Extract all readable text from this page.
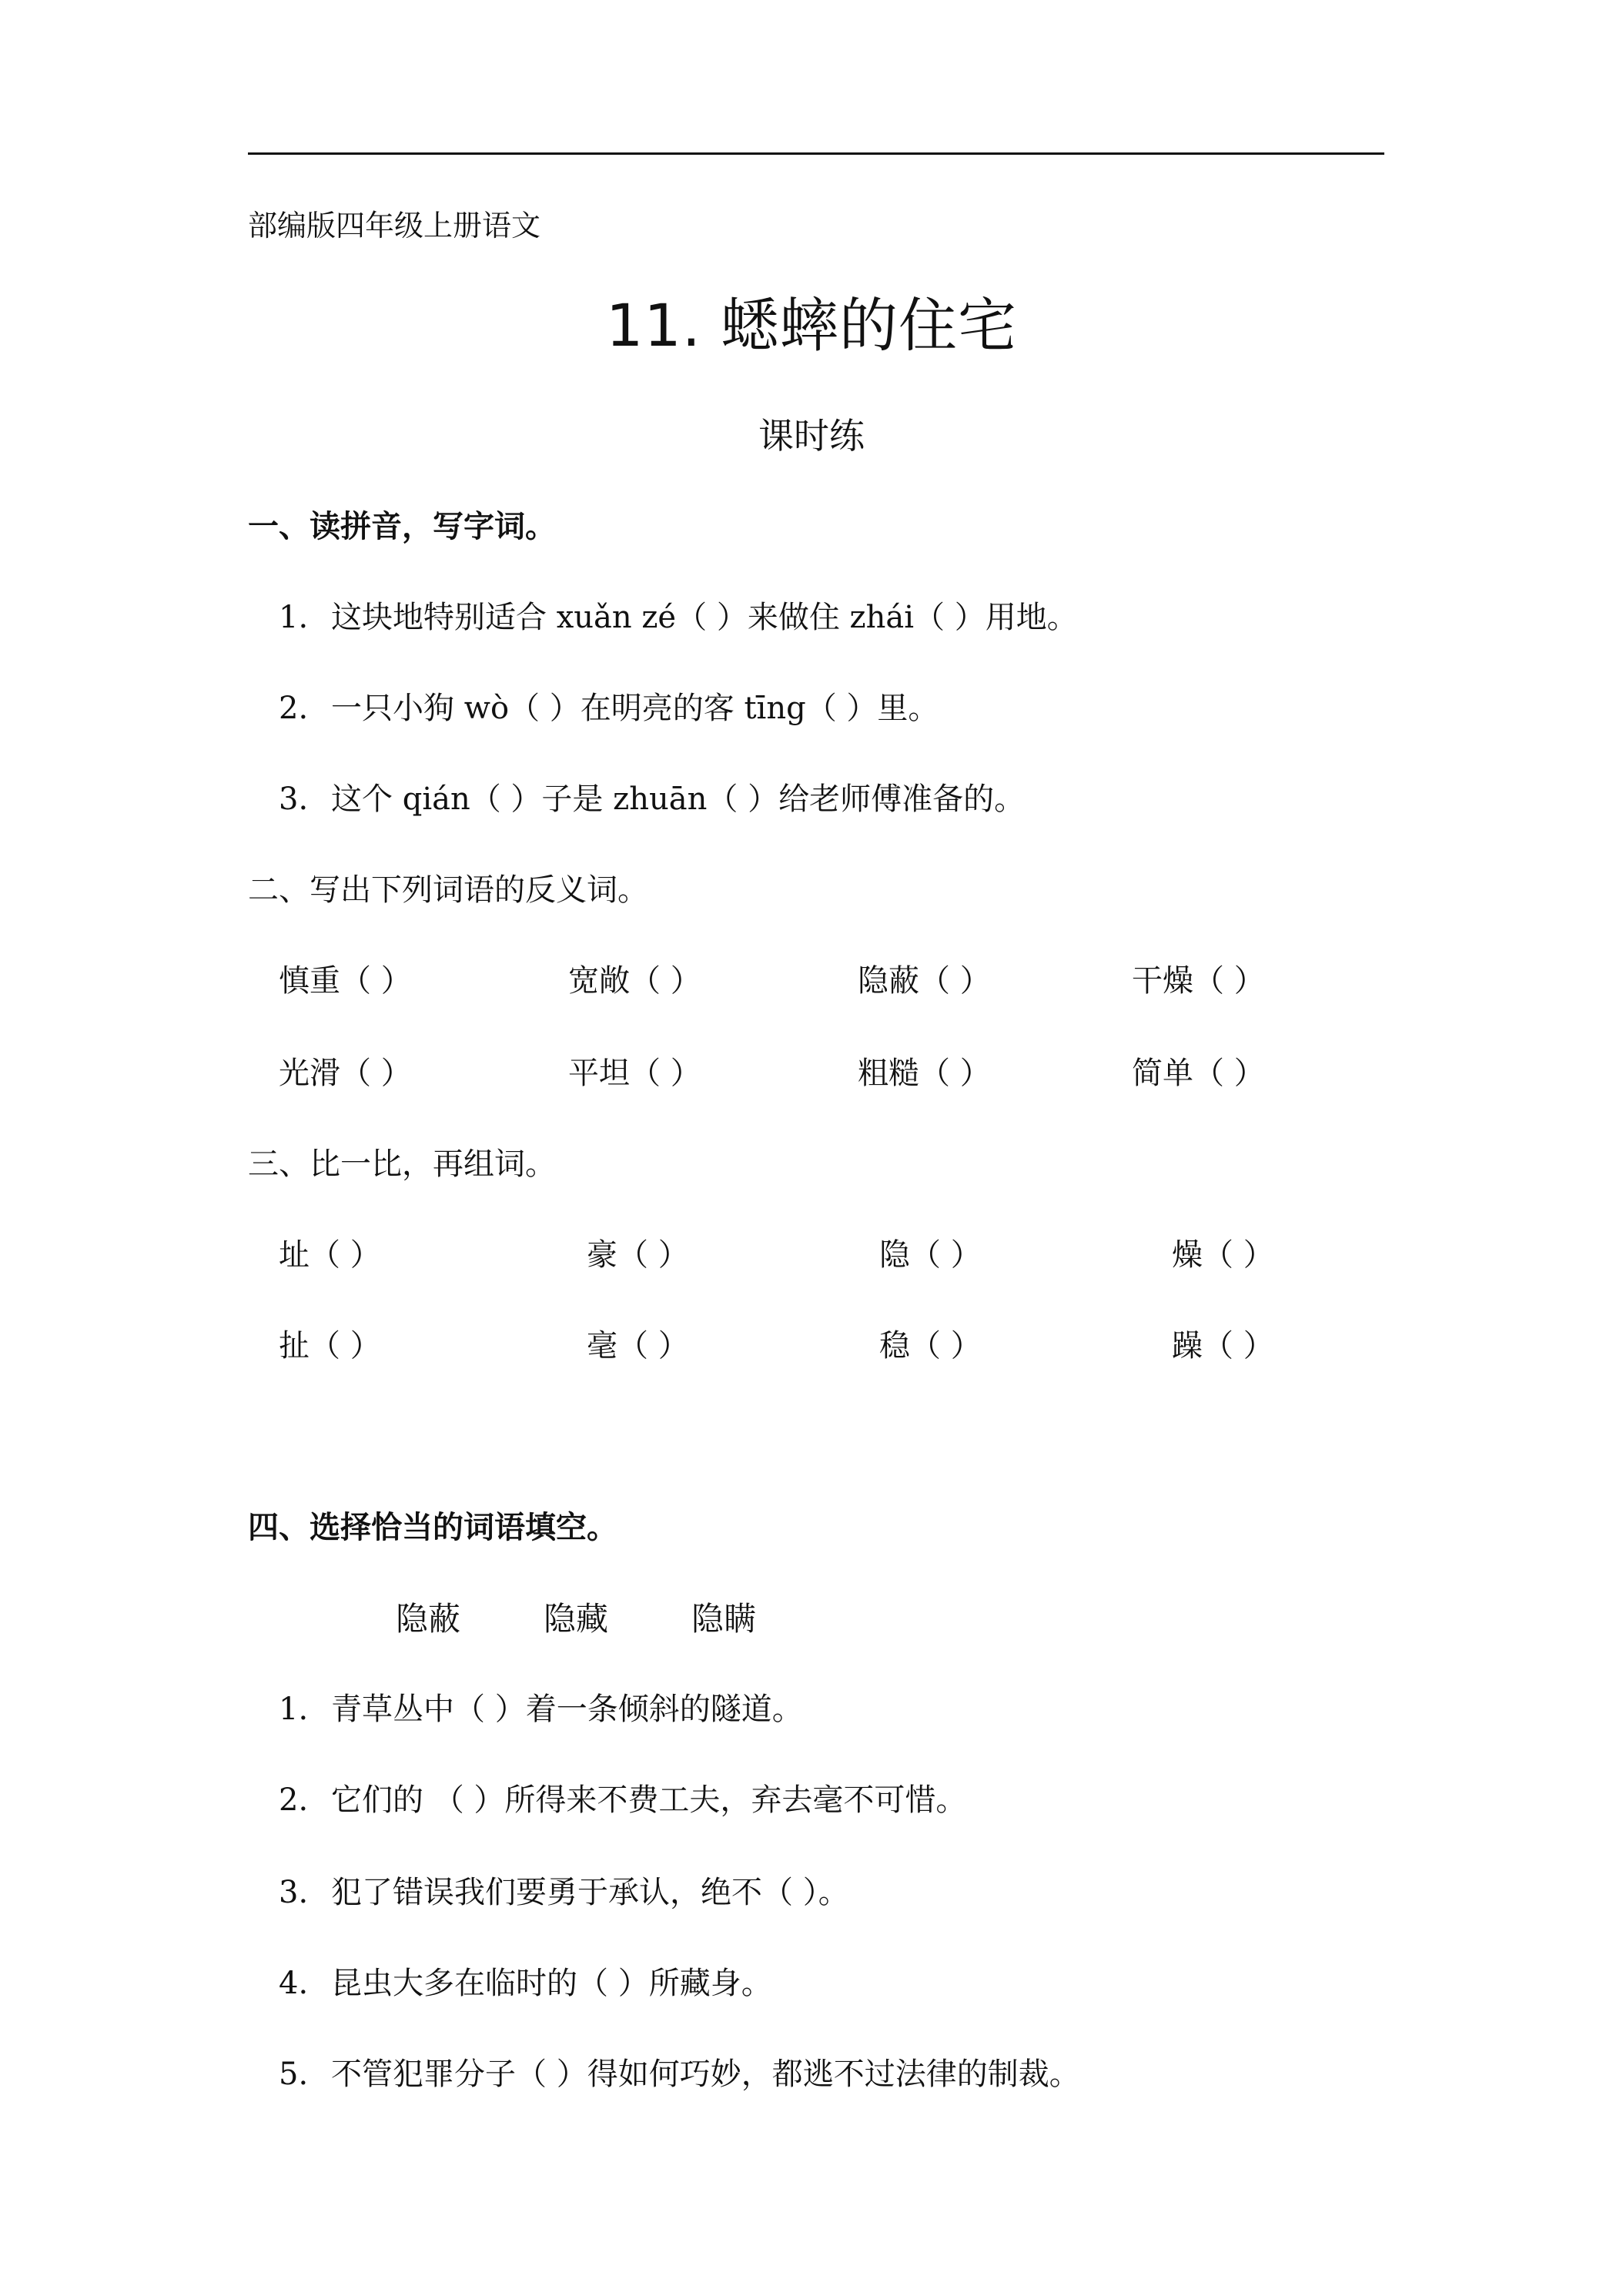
部编版四年级上册语文
11. 蟋蟀的住宅
课时练
一、读拼音，写字词。
1. 这块地特别适合 xuǎn zé（ ）来做住 zhái（ ）用地。
2. 一只小狗 wò（ ）在明亮的客 tīng（ ）里。
3. 这个 qián（ ）子是 zhuān（ ）给老师傅准备的。
二、写出下列词语的反义词。
慎重（ ）	宽敞（ ）	隐蔽（ ）	干燥（ ）
光滑（ ）	平坦（ ）	粗糙（ ）	简单（ ）
三、比一比，再组词。
址（ ）	豪（ ）	隐（ ）	燥（ ）
扯（ ）	毫（ ）	稳（ ）	躁（ ）
四、选择恰当的词语填空。
隐蔽	隐藏	隐瞒
1. 青草丛中（ ）着一条倾斜的隧道。
2. 它们的 （ ）所得来不费工夫，弃去毫不可惜。
3. 犯了错误我们要勇于承认，绝不（ ）。
4. 昆虫大多在临时的（ ）所藏身。
5. 不管犯罪分子（ ）得如何巧妙，都逃不过法律的制裁。
